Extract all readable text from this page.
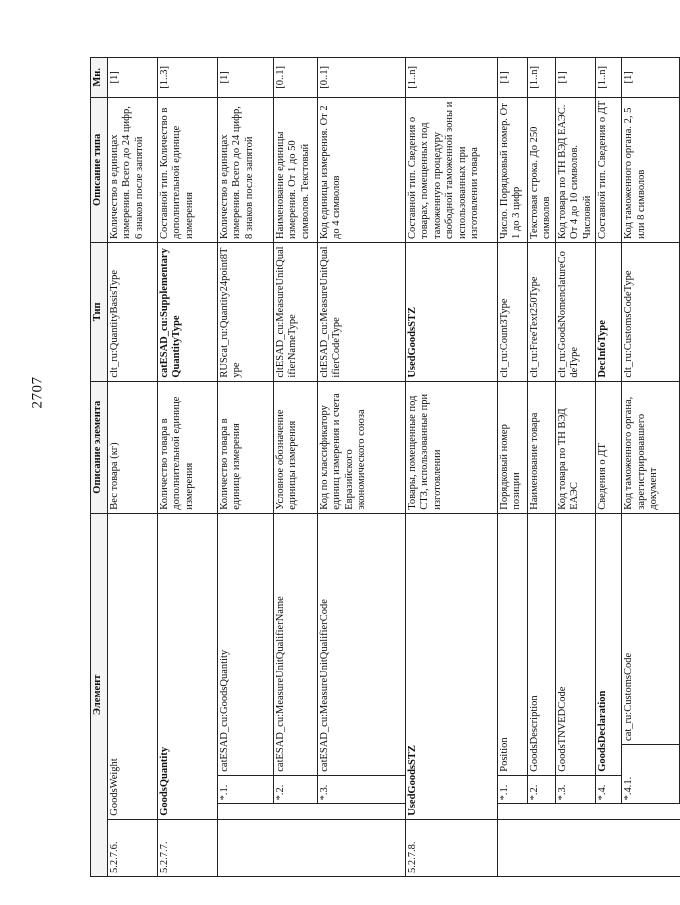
2707
Элемент					Описание элемента	Тип	Описание типа	Мн.
5.2.7.6.	GoodsWeight				Вес товара (кг)	clt_ru:QuantityBasisType	Количество в единицах измерения. Всего до 24 цифр, 6 знаков после запятой	[1]
5.2.7.7.	GoodsQuantity				Количество товара в дополнительной единице измерения	catESAD_cu:SupplementaryQuantityType	Составной тип. Количество в дополнительной единице измерения	[1..3]
		*.1.	catESAD_cu:GoodsQuantity		Количество товара в единице измерения	RUScat_ru:Quantity24point8Type	Количество в единицах измерения. Всего до 24 цифр, 8 знаков после запятой	[1]
		*.2.	catESAD_cu:MeasureUnitQualifierName		Условное обозначение единицы измерения	cltESAD_cu:MeasureUnitQualifierNameType	Наименование единицы измерения. От 1 до 50 символов. Текстовый	[0..1]
		*.3.	catESAD_cu:MeasureUnitQualifierCode		Код по классификатору единиц измерения и счета Евразийского экономического союза	cltESAD_cu:MeasureUnitQualifierCodeType	Код единицы измерения. От 2 до 4 символов	[0..1]
5.2.7.8.	UsedGoodsSTZ				Товары, помещенные под СТЗ, использованные при изготовлении	UsedGoodsSTZ	Составной тип. Сведения о товарах, помещенных под таможенную процедуру свободной таможенной зоны и использованных при изготовлении товара	[1..n]
		*.1.	Position		Порядковый номер позиции	clt_ru:Count3Type	Число. Порядковый номер. От 1 до 3 цифр	[1]
		*.2.	GoodsDescription		Наименование товара	clt_ru:FreeText250Type	Текстовая строка. До 250 символов	[1..n]
		*.3.	GoodsTNVEDCode		Код товара по ТН ВЭД ЕАЭС	clt_ru:GoodsNomenclatureCodeType	Код товара по ТН ВЭД ЕАЭС. От 4 до 10 символов. Числовой	[1]
		*.4.	GoodsDeclaration		Сведения о ДТ	DecInfoType	Составной тип. Сведения о ДТ	[1..n]
		*.4.1.		cat_ru:CustomsCode	Код таможенного органа, зарегистрировавшего документ	clt_ru:CustomsCodeType	Код таможенного органа. 2, 5 или 8 символов	[1]
